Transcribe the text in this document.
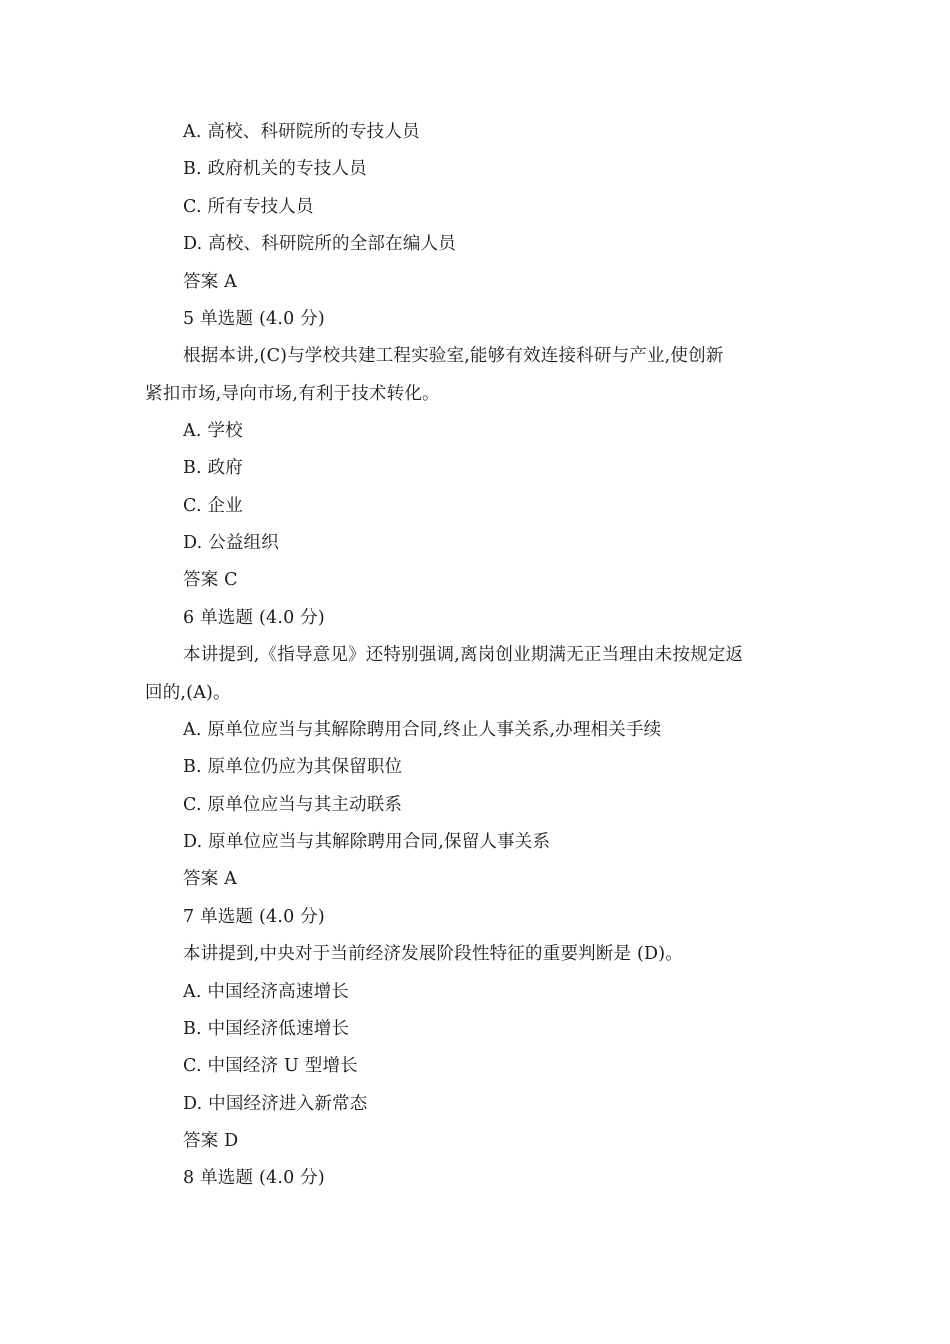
A. 高校、科研院所的专技人员
B. 政府机关的专技人员
C. 所有专技人员
D. 高校、科研院所的全部在编人员
答案 A
5 单选题 (4.0 分)
根据本讲,(C)与学校共建工程实验室,能够有效连接科研与产业,使创新
紧扣市场,导向市场,有利于技术转化。
A. 学校
B. 政府
C. 企业
D. 公益组织
答案 C
6 单选题 (4.0 分)
本讲提到,《指导意见》还特别强调,离岗创业期满无正当理由未按规定返
回的,(A)。
A. 原单位应当与其解除聘用合同,终止人事关系,办理相关手续
B. 原单位仍应为其保留职位
C. 原单位应当与其主动联系
D. 原单位应当与其解除聘用合同,保留人事关系
答案 A
7 单选题 (4.0 分)
本讲提到,中央对于当前经济发展阶段性特征的重要判断是 (D)。
A. 中国经济高速增长
B. 中国经济低速增长
C. 中国经济 U 型增长
D. 中国经济进入新常态
答案 D
8 单选题 (4.0 分)
